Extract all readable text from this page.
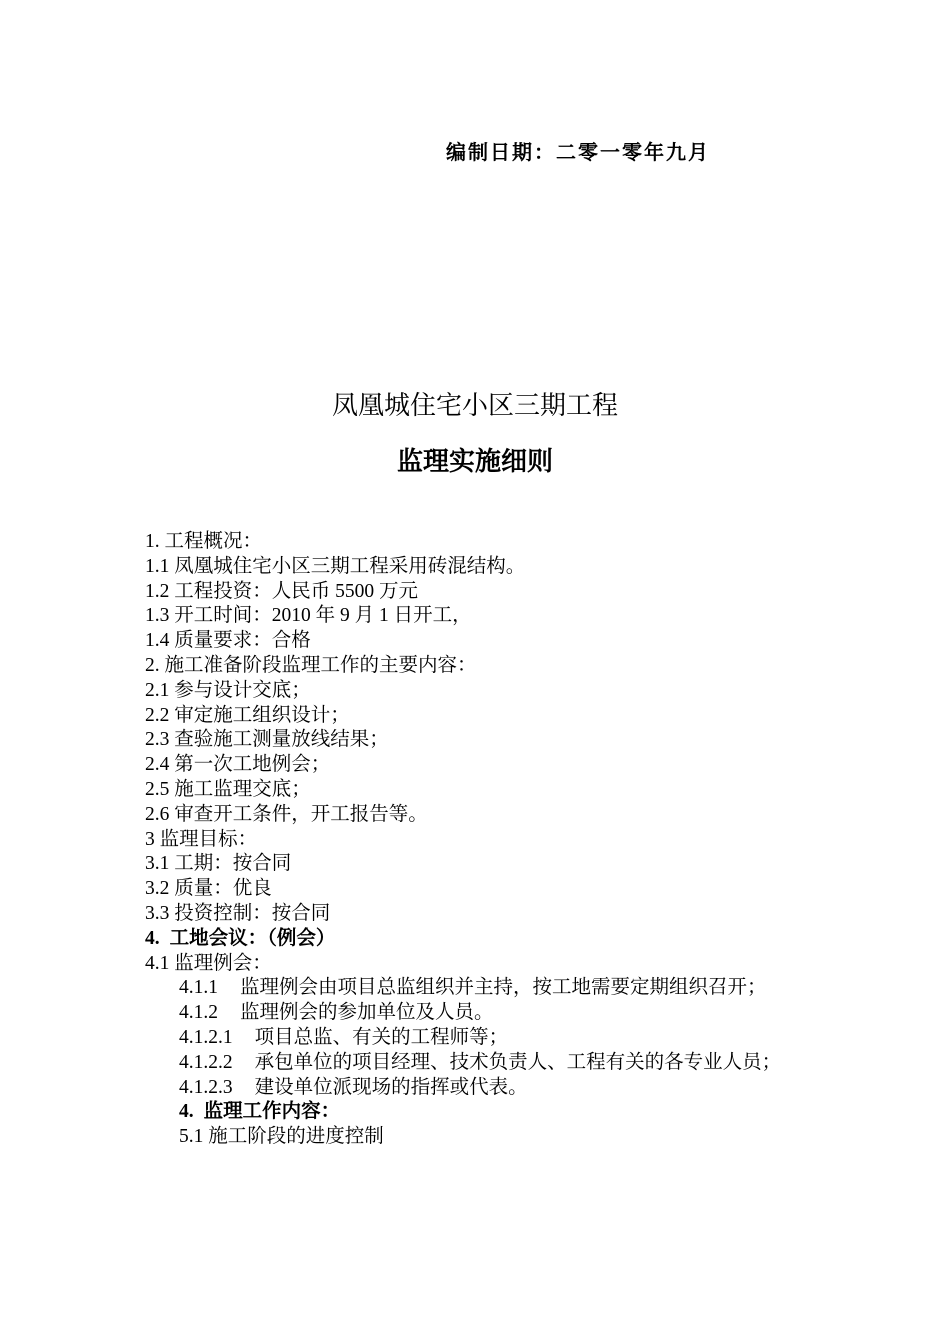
编制日期：二零一零年九月
凤凰城住宅小区三期工程
监理实施细则
1. 工程概况：
1.1 凤凰城住宅小区三期工程采用砖混结构。
1.2 工程投资：人民币 5500 万元
1.3 开工时间：2010 年 9 月 1 日开工，
1.4 质量要求：合格
2. 施工准备阶段监理工作的主要内容：
2.1 参与设计交底；
2.2 审定施工组织设计；
2.3 查验施工测量放线结果；
2.4 第一次工地例会；
2.5 施工监理交底；
2.6 审查开工条件，开工报告等。
3 监理目标：
3.1 工期：按合同
3.2 质量：优良
3.3 投资控制：按合同
4. 工地会议：（例会）
4.1 监理例会：
4.1.1 监理例会由项目总监组织并主持，按工地需要定期组织召开；
4.1.2 监理例会的参加单位及人员。
4.1.2.1 项目总监、有关的工程师等；
4.1.2.2 承包单位的项目经理、技术负责人、工程有关的各专业人员；
4.1.2.3 建设单位派现场的指挥或代表。
4. 监理工作内容：
5.1 施工阶段的进度控制
